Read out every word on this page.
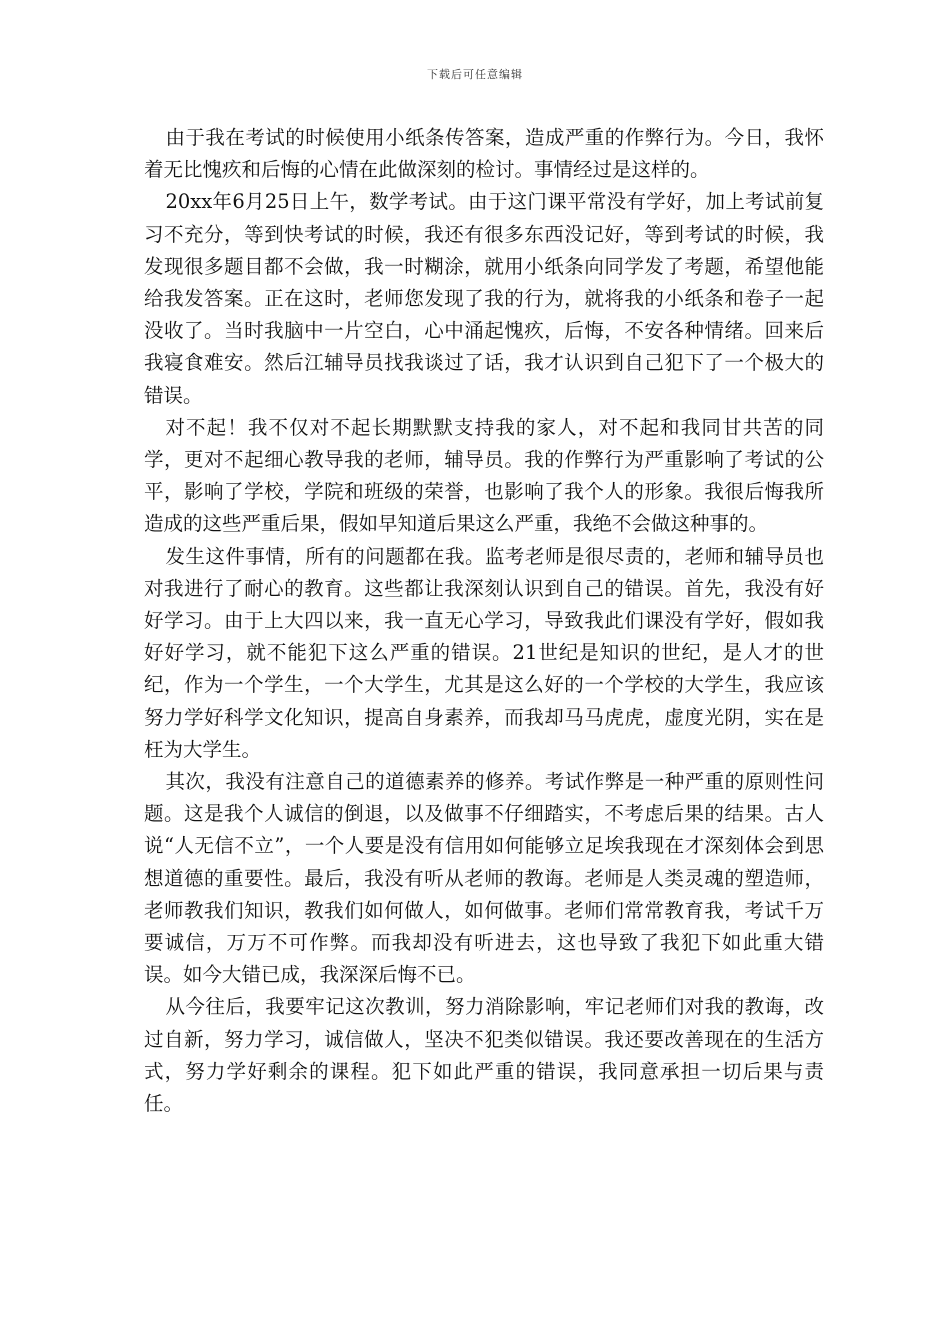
下载后可任意编辑

由于我在考试的时候使用小纸条传答案，造成严重的作弊行为。今日，我怀着无比愧疚和后悔的心情在此做深刻的检讨。事情经过是这样的。

20xx年6月25日上午，数学考试。由于这门课平常没有学好，加上考试前复习不充分，等到快考试的时候，我还有很多东西没记好，等到考试的时候，我发现很多题目都不会做，我一时糊涂，就用小纸条向同学发了考题，希望他能给我发答案。正在这时，老师您发现了我的行为，就将我的小纸条和卷子一起没收了。当时我脑中一片空白，心中涌起愧疚，后悔，不安各种情绪。回来后我寝食难安。然后江辅导员找我谈过了话，我才认识到自己犯下了一个极大的错误。

对不起！我不仅对不起长期默默支持我的家人，对不起和我同甘共苦的同学，更对不起细心教导我的老师，辅导员。我的作弊行为严重影响了考试的公平，影响了学校，学院和班级的荣誉，也影响了我个人的形象。我很后悔我所造成的这些严重后果，假如早知道后果这么严重，我绝不会做这种事的。

发生这件事情，所有的问题都在我。监考老师是很尽责的，老师和辅导员也对我进行了耐心的教育。这些都让我深刻认识到自己的错误。首先，我没有好好学习。由于上大四以来，我一直无心学习，导致我此们课没有学好，假如我好好学习，就不能犯下这么严重的错误。21世纪是知识的世纪，是人才的世纪，作为一个学生，一个大学生，尤其是这么好的一个学校的大学生，我应该努力学好科学文化知识，提高自身素养，而我却马马虎虎，虚度光阴，实在是枉为大学生。

其次，我没有注意自己的道德素养的修养。考试作弊是一种严重的原则性问题。这是我个人诚信的倒退，以及做事不仔细踏实，不考虑后果的结果。古人说“人无信不立”，一个人要是没有信用如何能够立足埃我现在才深刻体会到思想道德的重要性。最后，我没有听从老师的教诲。老师是人类灵魂的塑造师，老师教我们知识，教我们如何做人，如何做事。老师们常常教育我，考试千万要诚信，万万不可作弊。而我却没有听进去，这也导致了我犯下如此重大错误。如今大错已成，我深深后悔不已。

从今往后，我要牢记这次教训，努力消除影响，牢记老师们对我的教诲，改过自新，努力学习，诚信做人，坚决不犯类似错误。我还要改善现在的生活方式，努力学好剩余的课程。犯下如此严重的错误，我同意承担一切后果与责任。
